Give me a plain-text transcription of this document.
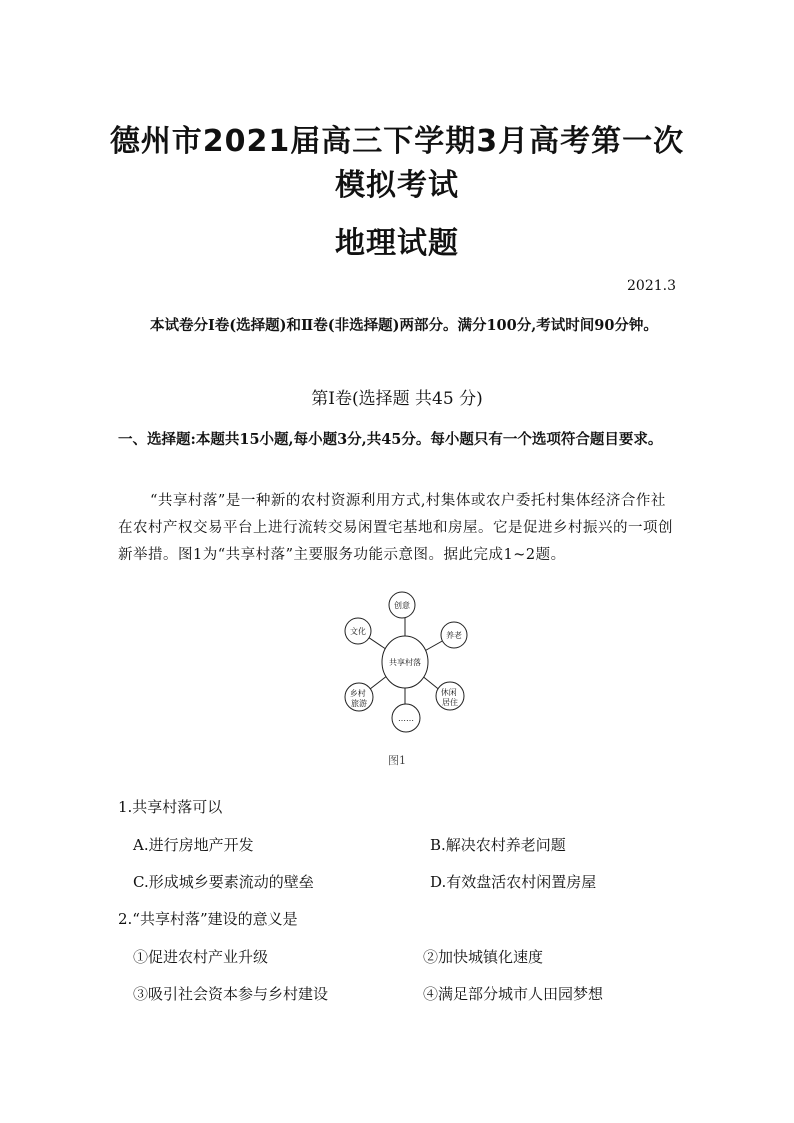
德州市2021届高三下学期3月高考第一次
模拟考试
地理试题
2021.3

本试卷分Ⅰ卷(选择题)和Ⅱ卷(非选择题)两部分。满分100分,考试时间90分钟。

第Ⅰ卷(选择题 共45 分)

一、选择题:本题共15小题,每小题3分,共45分。每小题只有一个选项符合题目要求。

“共享村落”是一种新的农村资源利用方式,村集体或农户委托村集体经济合作社在农村产权交易平台上进行流转交易闲置宅基地和房屋。它是促进乡村振兴的一项创新举措。图1为“共享村落”主要服务功能示意图。据此完成1~2题。

共享村落
创意
养老
休闲 居住
……
乡村 旅游
文化
图1
1.共享村落可以
A.进行房地产开发	B.解决农村养老问题
C.形成城乡要素流动的壁垒	D.有效盘活农村闲置房屋
2.“共享村落”建设的意义是
①促进农村产业升级	②加快城镇化速度
③吸引社会资本参与乡村建设	④满足部分城市人田园梦想
